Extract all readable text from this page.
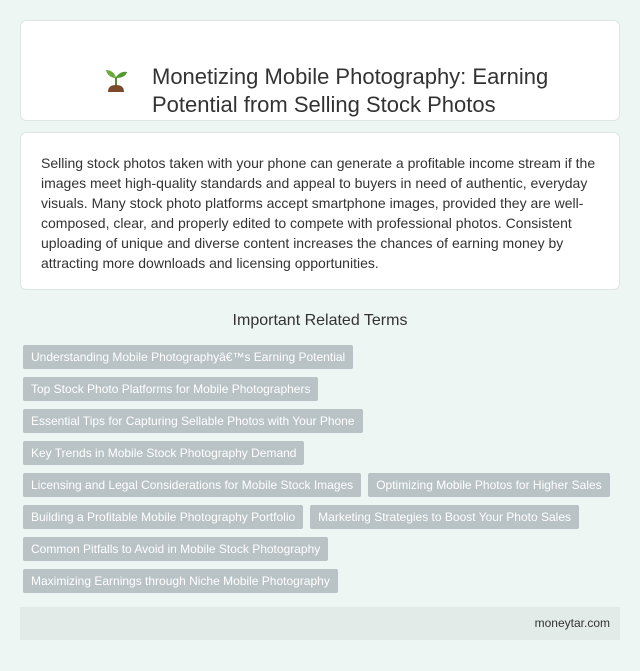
Monetizing Mobile Photography: Earning Potential from Selling Stock Photos

Selling stock photos taken with your phone can generate a profitable income stream if the images meet high-quality standards and appeal to buyers in need of authentic, everyday visuals. Many stock photo platforms accept smartphone images, provided they are well-composed, clear, and properly edited to compete with professional photos. Consistent uploading of unique and diverse content increases the chances of earning money by attracting more downloads and licensing opportunities.

Important Related Terms
Understanding Mobile Photographyâ€™s Earning Potential
Top Stock Photo Platforms for Mobile Photographers
Essential Tips for Capturing Sellable Photos with Your Phone
Key Trends in Mobile Stock Photography Demand
Licensing and Legal Considerations for Mobile Stock Images	Optimizing Mobile Photos for Higher Sales
Building a Profitable Mobile Photography Portfolio	Marketing Strategies to Boost Your Photo Sales
Common Pitfalls to Avoid in Mobile Stock Photography
Maximizing Earnings through Niche Mobile Photography
moneytar.com
